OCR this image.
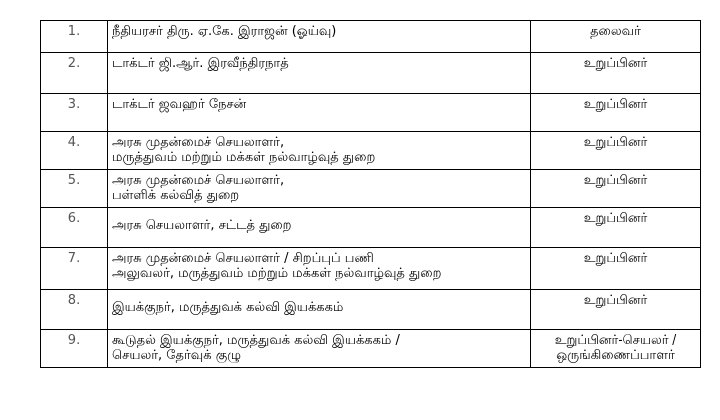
1.	நீதியரசர் திரு. ஏ.கே. இராஜன் (ஓய்வு)	தலைவர்

2.	டாக்டர் ஜி.ஆர். இரவீந்திரநாத்	உறுப்பினர்

3.	டாக்டர் ஜவஹர் நேசன்	உறுப்பினர்

4.	அரசு முதன்மைச் செயலாளர்,
மருத்துவம் மற்றும் மக்கள் நல்வாழ்வுத் துறை	உறுப்பினர்

5.	அரசு முதன்மைச் செயலாளர்,
பள்ளிக் கல்வித் துறை	உறுப்பினர்

6.	அரசு செயலாளர், சட்டத் துறை	உறுப்பினர்

7.	அரசு முதன்மைச் செயலாளர் / சிறப்புப் பணி
அலுவலர், மருத்துவம் மற்றும் மக்கள் நல்வாழ்வுத் துறை	உறுப்பினர்

8.	இயக்குநர், மருத்துவக் கல்வி இயக்ககம்	உறுப்பினர்

9.	கூடுதல் இயக்குநர், மருத்துவக் கல்வி இயக்ககம் /
செயலர், தேர்வுக் குழு	உறுப்பினர்-செயலர் /
ஒருங்கிணைப்பாளர்
